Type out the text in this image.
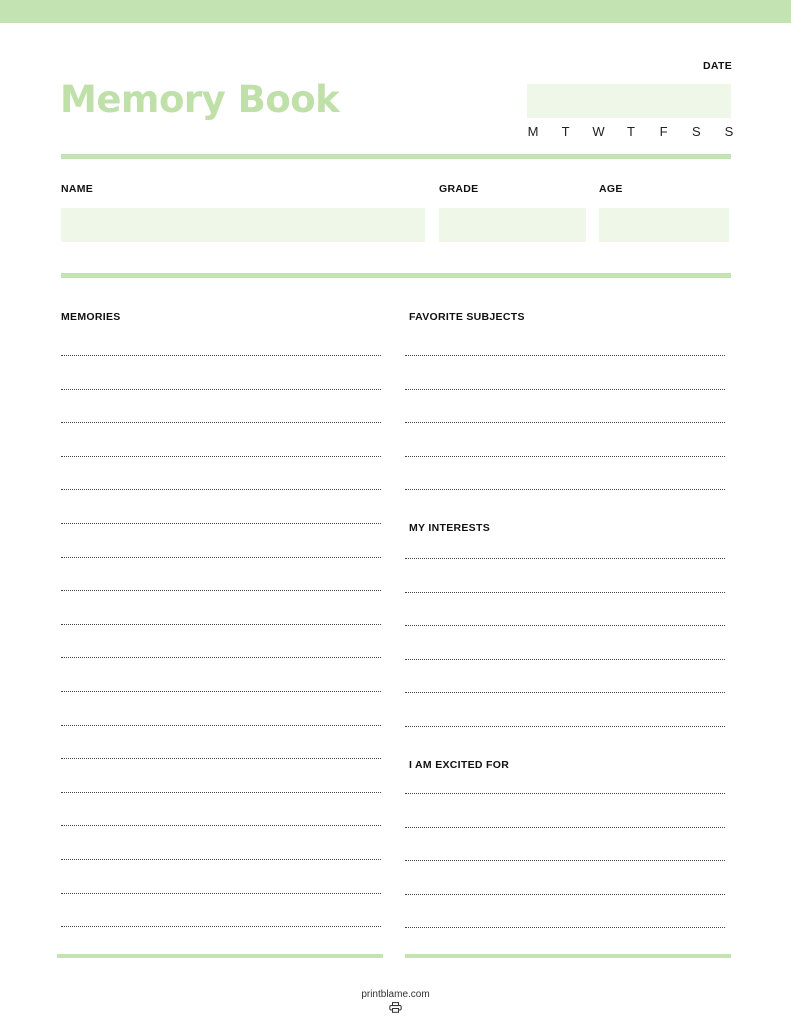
Memory Book
DATE
M T W T F S S
NAME	GRADE	AGE
MEMORIES	FAVORITE SUBJECTS
MY INTERESTS
I AM EXCITED FOR
printblame.com
